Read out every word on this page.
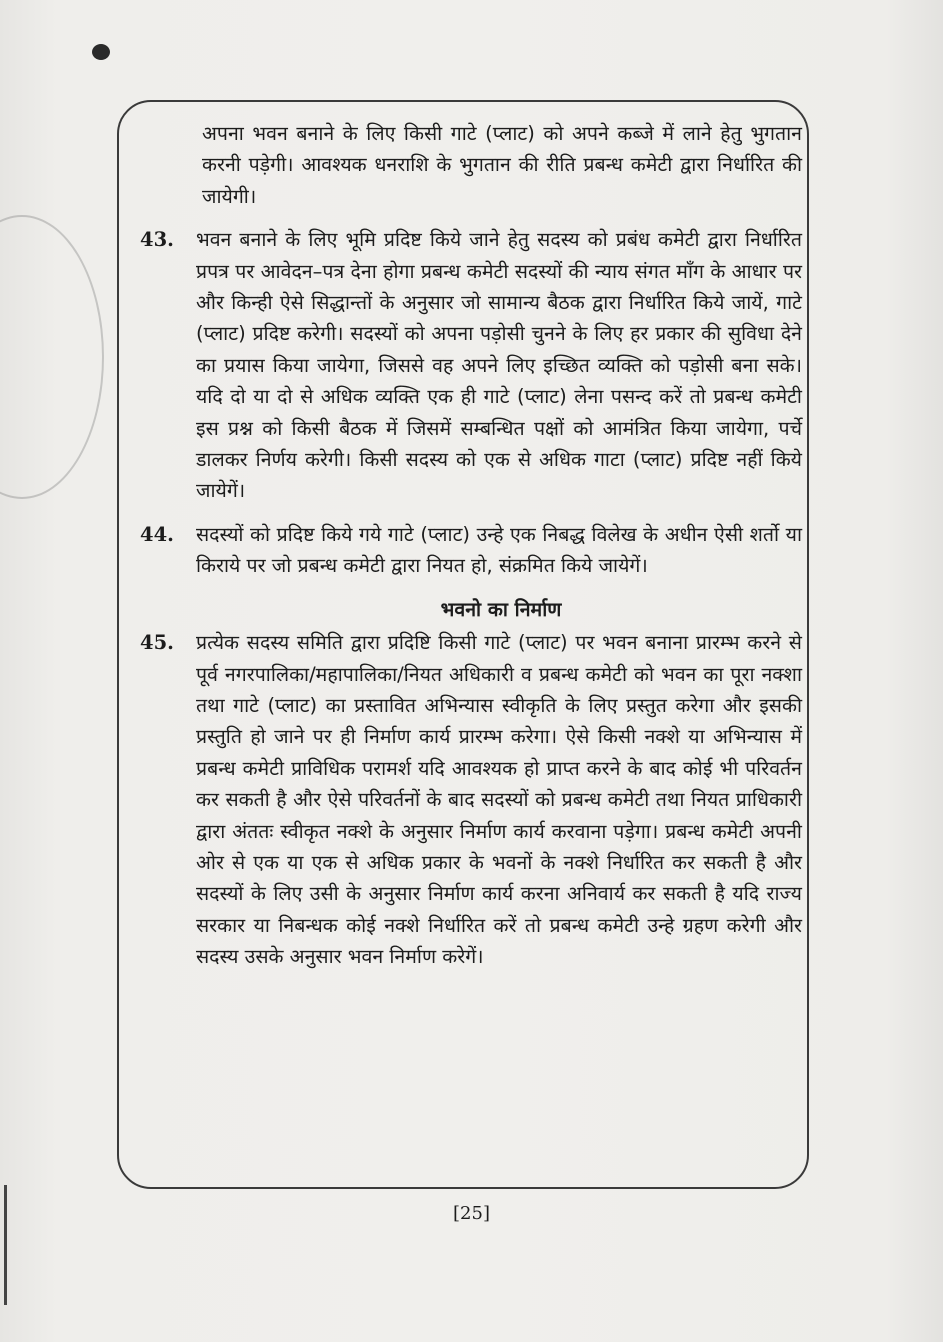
अपना भवन बनाने के लिए किसी गाटे (प्लाट) को अपने कब्जे में लाने हेतु भुगतान करनी पड़ेगी। आवश्यक धनराशि के भुगतान की रीति प्रबन्ध कमेटी द्वारा निर्धारित की जायेगी।

43.	भवन बनाने के लिए भूमि प्रदिष्ट किये जाने हेतु सदस्य को प्रबंध कमेटी द्वारा निर्धारित प्रपत्र पर आवेदन–पत्र देना होगा प्रबन्ध कमेटी सदस्यों की न्याय संगत माँग के आधार पर और किन्ही ऐसे सिद्धान्तों के अनुसार जो सामान्य बैठक द्वारा निर्धारित किये जायें, गाटे (प्लाट) प्रदिष्ट करेगी। सदस्यों को अपना पड़ोसी चुनने के लिए हर प्रकार की सुविधा देने का प्रयास किया जायेगा, जिससे वह अपने लिए इच्छित व्यक्ति को पड़ोसी बना सके। यदि दो या दो से अधिक व्यक्ति एक ही गाटे (प्लाट) लेना पसन्द करें तो प्रबन्ध कमेटी इस प्रश्न को किसी बैठक में जिसमें सम्बन्धित पक्षों को आमंत्रित किया जायेगा, पर्चे डालकर निर्णय करेगी। किसी सदस्य को एक से अधिक गाटा (प्लाट) प्रदिष्ट नहीं किये जायेगें।
44.	सदस्यों को प्रदिष्ट किये गये गाटे (प्लाट) उन्हे एक निबद्ध विलेख के अधीन ऐसी शर्तो या किराये पर जो प्रबन्ध कमेटी द्वारा नियत हो, संक्रमित किये जायेगें।
भवनो का निर्माण
45.	प्रत्येक सदस्य समिति द्वारा प्रदिष्टि किसी गाटे (प्लाट) पर भवन बनाना प्रारम्भ करने से पूर्व नगरपालिका/महापालिका/नियत अधिकारी व प्रबन्ध कमेटी को भवन का पूरा नक्शा तथा गाटे (प्लाट) का प्रस्तावित अभिन्यास स्वीकृति के लिए प्रस्तुत करेगा और इसकी प्रस्तुति हो जाने पर ही निर्माण कार्य प्रारम्भ करेगा। ऐसे किसी नक्शे या अभिन्यास में प्रबन्ध कमेटी प्राविधिक परामर्श यदि आवश्यक हो प्राप्त करने के बाद कोई भी परिवर्तन कर सकती है और ऐसे परिवर्तनों के बाद सदस्यों को प्रबन्ध कमेटी तथा नियत प्राधिकारी द्वारा अंततः स्वीकृत नक्शे के अनुसार निर्माण कार्य करवाना पड़ेगा। प्रबन्ध कमेटी अपनी ओर से एक या एक से अधिक प्रकार के भवनों के नक्शे निर्धारित कर सकती है और सदस्यों के लिए उसी के अनुसार निर्माण कार्य करना अनिवार्य कर सकती है यदि राज्य सरकार या निबन्धक कोई नक्शे निर्धारित करें तो प्रबन्ध कमेटी उन्हे ग्रहण करेगी और सदस्य उसके अनुसार भवन निर्माण करेगें।
[25]
